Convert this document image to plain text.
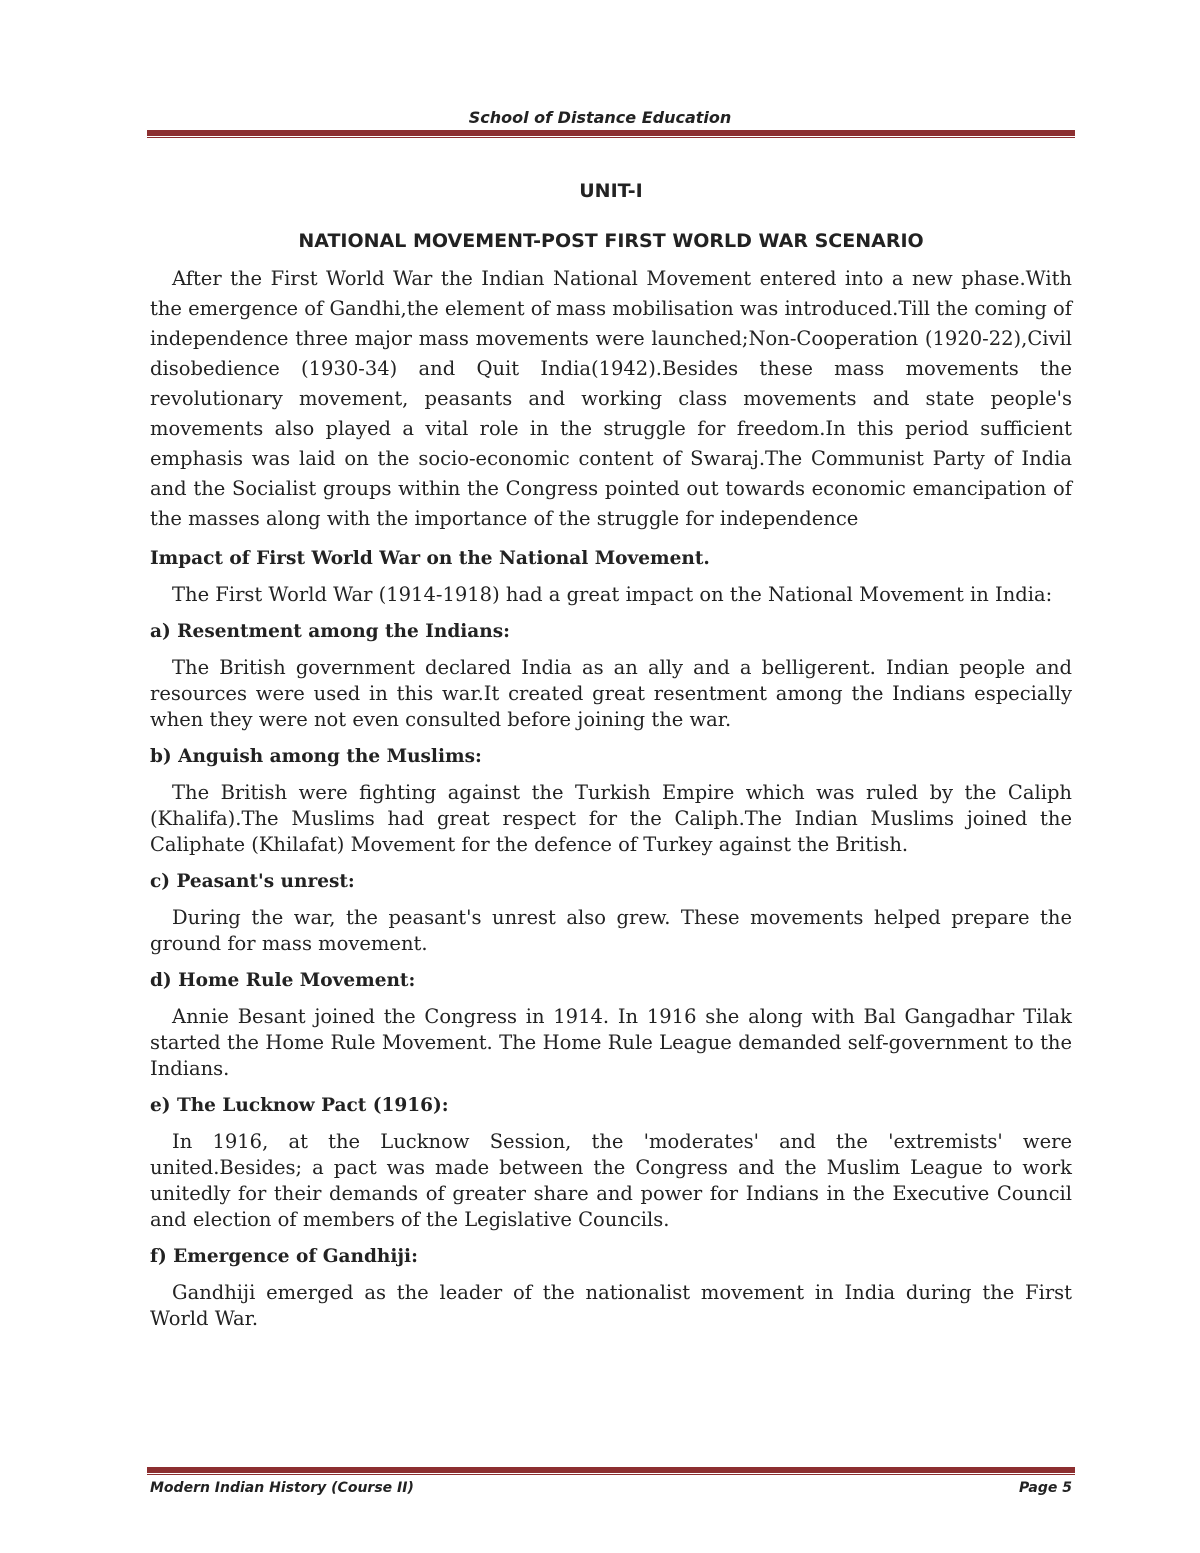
School of Distance Education
UNIT-I
NATIONAL MOVEMENT-POST FIRST WORLD WAR SCENARIO

After the First World War the Indian National Movement entered into a new phase.With the emergence of Gandhi,the element of mass mobilisation was introduced.Till the coming of independence three major mass movements were launched;Non-Cooperation (1920-22),Civil disobedience (1930-34) and Quit India(1942).Besides these mass movements the revolutionary movement, peasants and working class movements and state people's movements also played a vital role in the struggle for freedom.In this period sufficient emphasis was laid on the socio-economic content of Swaraj.The Communist Party of India and the Socialist groups within the Congress pointed out towards economic emancipation of the masses along with the importance of the struggle for independence

Impact of First World War on the National Movement.

The First World War (1914-1918) had a great impact on the National Movement in India:

a) Resentment among the Indians:

The British government declared India as an ally and a belligerent. Indian people and resources were used in this war.It created great resentment among the Indians especially when they were not even consulted before joining the war.

b) Anguish among the Muslims:

The British were fighting against the Turkish Empire which was ruled by the Caliph (Khalifa).The Muslims had great respect for the Caliph.The Indian Muslims joined the Caliphate (Khilafat) Movement for the defence of Turkey against the British.

c) Peasant's unrest:

During the war, the peasant's unrest also grew. These movements helped prepare the ground for mass movement.

d) Home Rule Movement:

Annie Besant joined the Congress in 1914. In 1916 she along with Bal Gangadhar Tilak started the Home Rule Movement. The Home Rule League demanded self-government to the Indians.

e) The Lucknow Pact (1916):

In 1916, at the Lucknow Session, the 'moderates' and the 'extremists' were united.Besides; a pact was made between the Congress and the Muslim League to work unitedly for their demands of greater share and power for Indians in the Executive Council and election of members of the Legislative Councils.

f) Emergence of Gandhiji:

Gandhiji emerged as the leader of the nationalist movement in India during the First World War.

Modern Indian History (Course II)	Page 5
